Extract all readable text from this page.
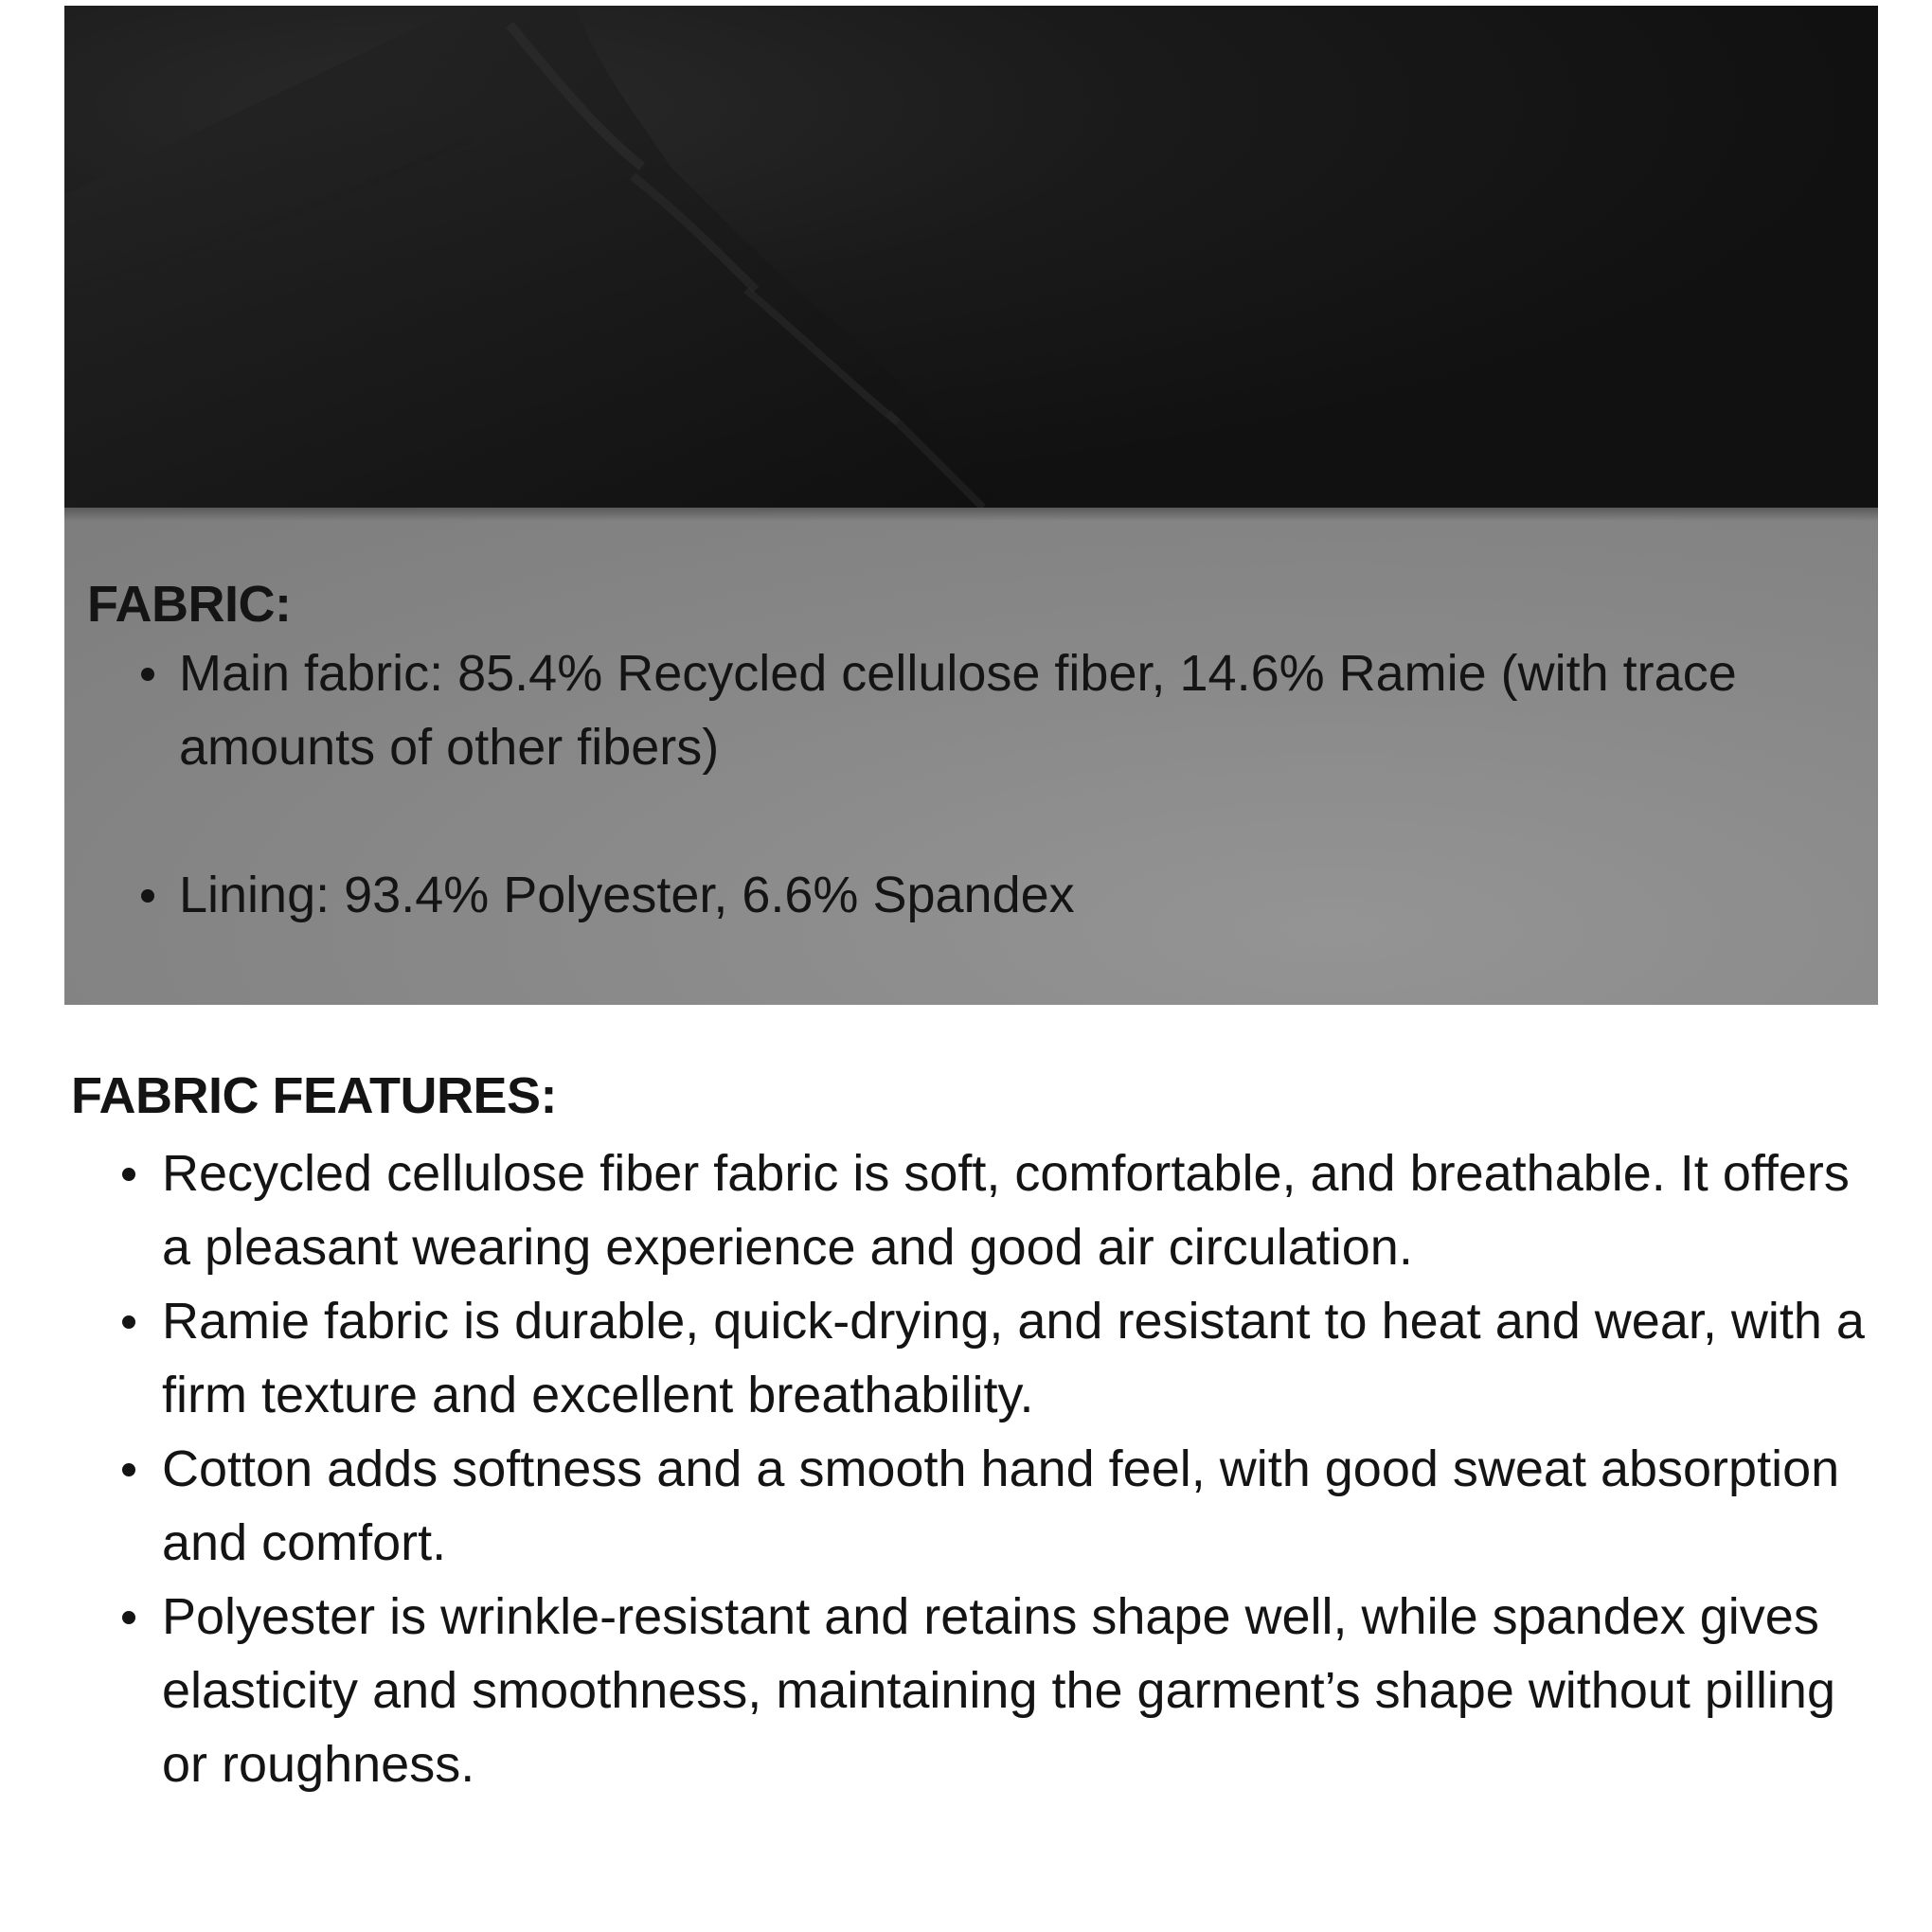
FABRIC:
Main fabric: 85.4% Recycled cellulose fiber, 14.6% Ramie (with trace amounts of other fibers)
Lining: 93.4% Polyester, 6.6% Spandex
FABRIC FEATURES:
Recycled cellulose fiber fabric is soft, comfortable, and breathable. It offers a pleasant wearing experience and good air circulation.
Ramie fabric is durable, quick-drying, and resistant to heat and wear, with a firm texture and excellent breathability.
Cotton adds softness and a smooth hand feel, with good sweat absorption and comfort.
Polyester is wrinkle-resistant and retains shape well, while spandex gives elasticity and smoothness, maintaining the garment’s shape without pilling or roughness.
